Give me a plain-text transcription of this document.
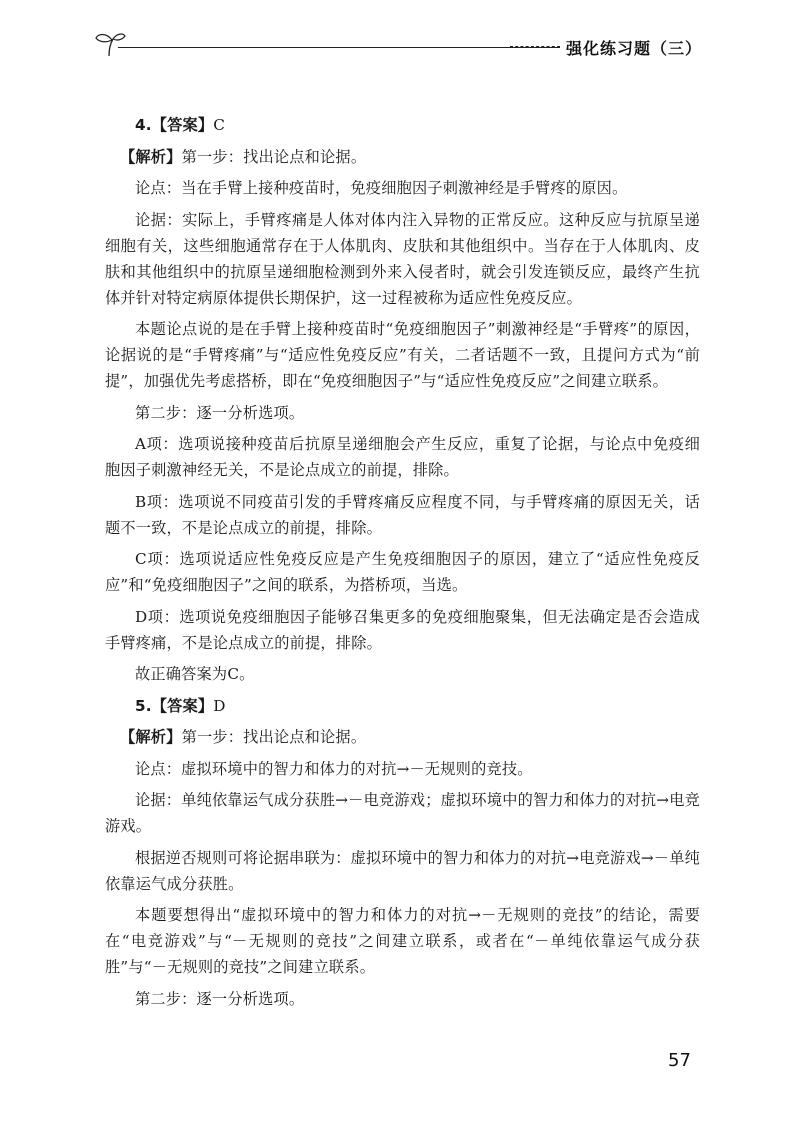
强化练习题（三）

4.【答案】C

【解析】第一步：找出论点和论据。

论点：当在手臂上接种疫苗时，免疫细胞因子刺激神经是手臂疼的原因。

论据：实际上，手臂疼痛是人体对体内注入异物的正常反应。这种反应与抗原呈递细胞有关，这些细胞通常存在于人体肌肉、皮肤和其他组织中。当存在于人体肌肉、皮肤和其他组织中的抗原呈递细胞检测到外来入侵者时，就会引发连锁反应，最终产生抗体并针对特定病原体提供长期保护，这一过程被称为适应性免疫反应。

本题论点说的是在手臂上接种疫苗时“免疫细胞因子”刺激神经是“手臂疼”的原因，论据说的是“手臂疼痛”与“适应性免疫反应”有关，二者话题不一致，且提问方式为“前提”，加强优先考虑搭桥，即在“免疫细胞因子”与“适应性免疫反应”之间建立联系。

第二步：逐一分析选项。

A项：选项说接种疫苗后抗原呈递细胞会产生反应，重复了论据，与论点中免疫细胞因子刺激神经无关，不是论点成立的前提，排除。

B项：选项说不同疫苗引发的手臂疼痛反应程度不同，与手臂疼痛的原因无关，话题不一致，不是论点成立的前提，排除。

C项：选项说适应性免疫反应是产生免疫细胞因子的原因，建立了“适应性免疫反应”和“免疫细胞因子”之间的联系，为搭桥项，当选。

D项：选项说免疫细胞因子能够召集更多的免疫细胞聚集，但无法确定是否会造成手臂疼痛，不是论点成立的前提，排除。

故正确答案为C。

5.【答案】D

【解析】第一步：找出论点和论据。

论点：虚拟环境中的智力和体力的对抗→－无规则的竞技。

论据：单纯依靠运气成分获胜→－电竞游戏；虚拟环境中的智力和体力的对抗→电竞游戏。

根据逆否规则可将论据串联为：虚拟环境中的智力和体力的对抗→电竞游戏→－单纯依靠运气成分获胜。

本题要想得出“虚拟环境中的智力和体力的对抗→－无规则的竞技”的结论，需要在“电竞游戏”与“－无规则的竞技”之间建立联系，或者在“－单纯依靠运气成分获胜”与“－无规则的竞技”之间建立联系。

第二步：逐一分析选项。

57
